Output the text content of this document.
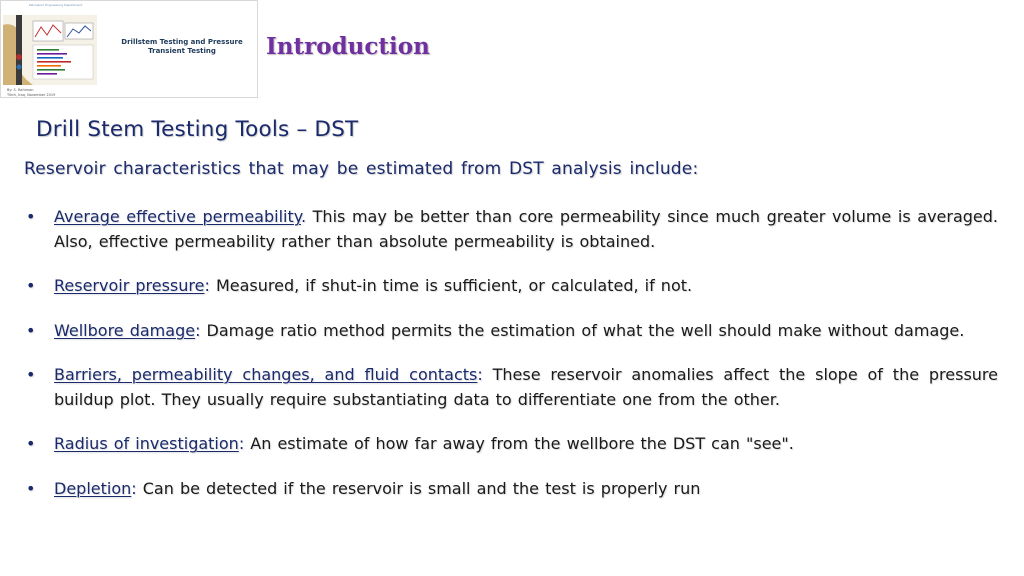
Petroleum Engineering Department
Drillstem Testing and Pressure Transient Testing
By: S. Rahiman
Tikrit, Iraq, November 2019
Introduction
Drill Stem Testing Tools – DST

Reservoir characteristics that may be estimated from DST analysis include:

• Average effective permeability. This may be better than core permeability since much greater volume is averaged. Also, effective permeability rather than absolute permeability is obtained.
• Reservoir pressure: Measured, if shut-in time is sufficient, or calculated, if not.
• Wellbore damage: Damage ratio method permits the estimation of what the well should make without damage.
• Barriers, permeability changes, and fluid contacts: These reservoir anomalies affect the slope of the pressure buildup plot. They usually require substantiating data to differentiate one from the other.
• Radius of investigation: An estimate of how far away from the wellbore the DST can "see".
• Depletion: Can be detected if the reservoir is small and the test is properly run
